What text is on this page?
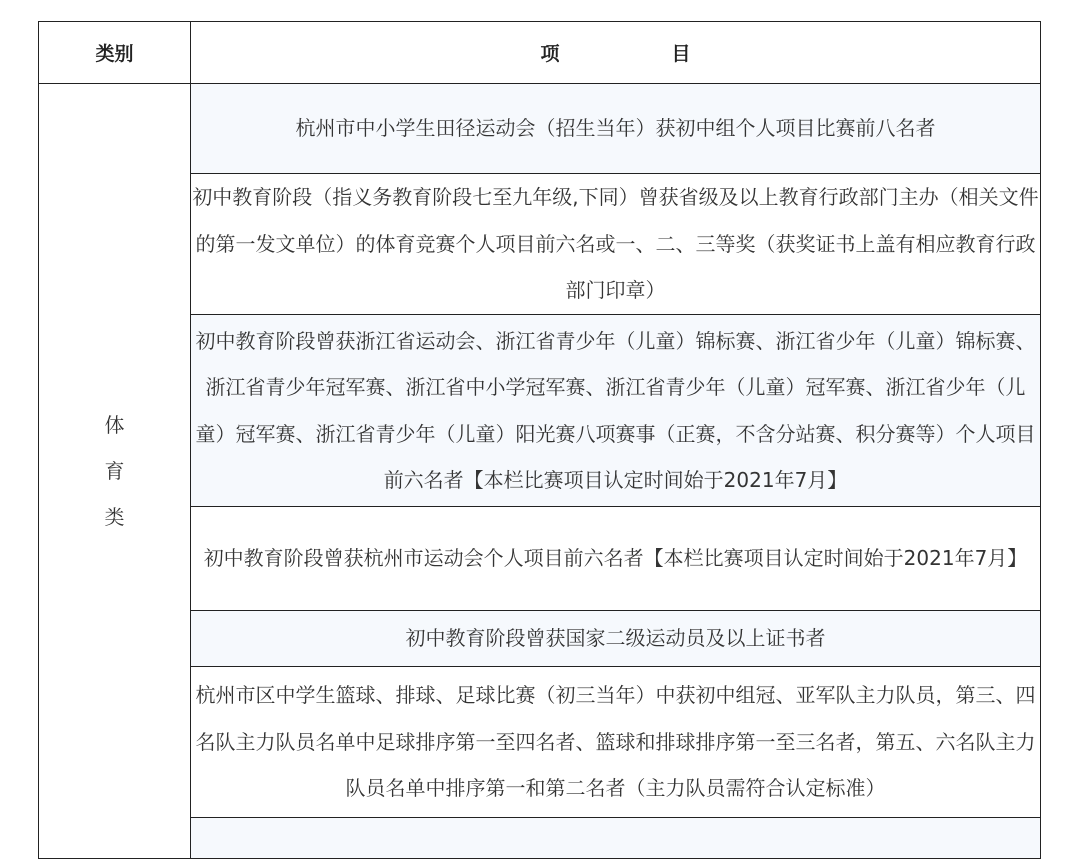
类别	项 目

体
育
类	杭州市中小学生田径运动会（招生当年）获初中组个人项目比赛前八名者
	初中教育阶段（指义务教育阶段七至九年级,下同）曾获省级及以上教育行政部门主办（相关文件的第一发文单位）的体育竞赛个人项目前六名或一、二、三等奖（获奖证书上盖有相应教育行政部门印章）
	初中教育阶段曾获浙江省运动会、浙江省青少年（儿童）锦标赛、浙江省少年（儿童）锦标赛、浙江省青少年冠军赛、浙江省中小学冠军赛、浙江省青少年（儿童）冠军赛、浙江省少年（儿童）冠军赛、浙江省青少年（儿童）阳光赛八项赛事（正赛，不含分站赛、积分赛等）个人项目前六名者【本栏比赛项目认定时间始于2021年7月】
	初中教育阶段曾获杭州市运动会个人项目前六名者【本栏比赛项目认定时间始于2021年7月】
	初中教育阶段曾获国家二级运动员及以上证书者
	杭州市区中学生篮球、排球、足球比赛（初三当年）中获初中组冠、亚军队主力队员，第三、四名队主力队员名单中足球排序第一至四名者、篮球和排球排序第一至三名者，第五、六名队主力队员名单中排序第一和第二名者（主力队员需符合认定标准）
